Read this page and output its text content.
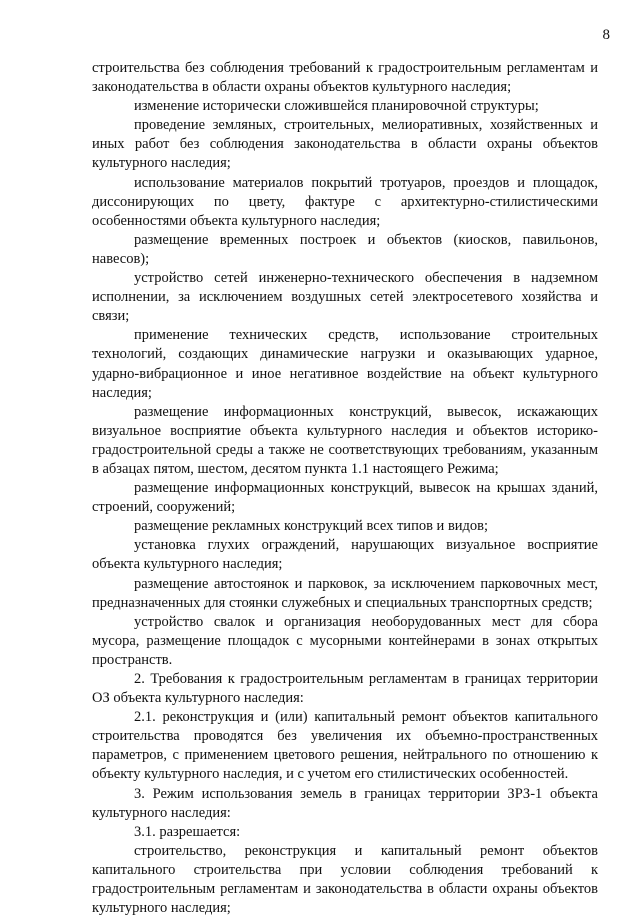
8

строительства без соблюдения требований к градостроительным регламентам и законодательства в области охраны объектов культурного наследия;

изменение исторически сложившейся планировочной структуры;

проведение земляных, строительных, мелиоративных, хозяйственных и иных работ без соблюдения законодательства в области охраны объектов культурного наследия;

использование материалов покрытий тротуаров, проездов и площадок, диссонирующих по цвету, фактуре с архитектурно-стилистическими особенностями объекта культурного наследия;

размещение временных построек и объектов (киосков, павильонов, навесов);

устройство сетей инженерно-технического обеспечения в надземном исполнении, за исключением воздушных сетей электросетевого хозяйства и связи;

применение технических средств, использование строительных технологий, создающих динамические нагрузки и оказывающих ударное, ударно-вибрационное и иное негативное воздействие на объект культурного наследия;

размещение информационных конструкций, вывесок, искажающих визуальное восприятие объекта культурного наследия и объектов историко-градостроительной среды а также не соответствующих требованиям, указанным в абзацах пятом, шестом, десятом пункта 1.1 настоящего Режима;

размещение информационных конструкций, вывесок на крышах зданий, строений, сооружений;

размещение рекламных конструкций всех типов и видов;

установка глухих ограждений, нарушающих визуальное восприятие объекта культурного наследия;

размещение автостоянок и парковок, за исключением парковочных мест, предназначенных для стоянки служебных и специальных транспортных средств;

устройство свалок и организация необорудованных мест для сбора мусора, размещение площадок с мусорными контейнерами в зонах открытых пространств.

2. Требования к градостроительным регламентам в границах территории ОЗ объекта культурного наследия:

2.1. реконструкция и (или) капитальный ремонт объектов капитального строительства проводятся без увеличения их объемно-пространственных параметров, с применением цветового решения, нейтрального по отношению к объекту культурного наследия, и с учетом его стилистических особенностей.

3. Режим использования земель в границах территории ЗРЗ-1 объекта культурного наследия:

3.1. разрешается:

строительство, реконструкция и капитальный ремонт объектов капитального строительства при условии соблюдения требований к градостроительным регламентам и законодательства в области охраны объектов культурного наследия;
